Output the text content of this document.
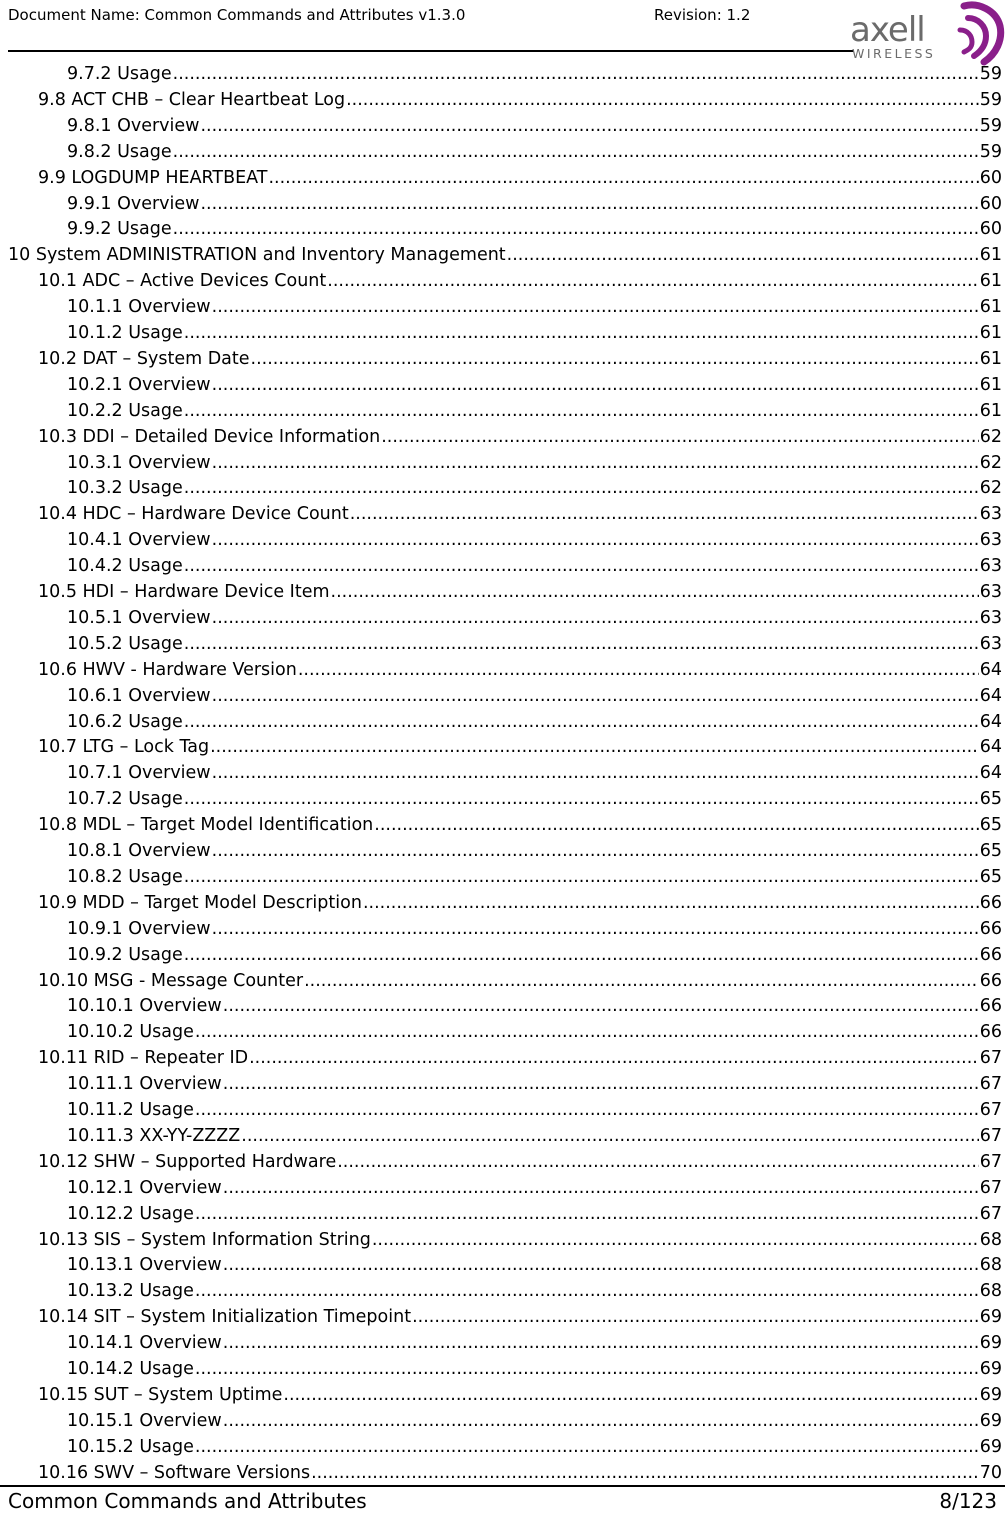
Document Name: Common Commands and Attributes v1.3.0	Revision: 1.2	axell
WIRELESS
9.7.2 Usage .....	59
9.8 ACT CHB – Clear Heartbeat Log .....	59
9.8.1 Overview .....	59
9.8.2 Usage .....	59
9.9 LOGDUMP HEARTBEAT .....	60
9.9.1 Overview .....	60
9.9.2 Usage .....	60
10 System ADMINISTRATION and Inventory Management .....	61
10.1 ADC – Active Devices Count .....	61
10.1.1 Overview .....	61
10.1.2 Usage .....	61
10.2 DAT – System Date .....	61
10.2.1 Overview .....	61
10.2.2 Usage .....	61
10.3 DDI – Detailed Device Information .....	62
10.3.1 Overview .....	62
10.3.2 Usage .....	62
10.4 HDC – Hardware Device Count .....	63
10.4.1 Overview .....	63
10.4.2 Usage .....	63
10.5 HDI – Hardware Device Item .....	63
10.5.1 Overview .....	63
10.5.2 Usage .....	63
10.6 HWV - Hardware Version .....	64
10.6.1 Overview .....	64
10.6.2 Usage .....	64
10.7 LTG – Lock Tag .....	64
10.7.1 Overview .....	64
10.7.2 Usage .....	65
10.8 MDL – Target Model Identification .....	65
10.8.1 Overview .....	65
10.8.2 Usage .....	65
10.9 MDD – Target Model Description .....	66
10.9.1 Overview .....	66
10.9.2 Usage .....	66
10.10 MSG - Message Counter .....	66
10.10.1 Overview .....	66
10.10.2 Usage .....	66
10.11 RID – Repeater ID .....	67
10.11.1 Overview .....	67
10.11.2 Usage .....	67
10.11.3 XX-YY-ZZZZ .....	67
10.12 SHW – Supported Hardware .....	67
10.12.1 Overview .....	67
10.12.2 Usage .....	67
10.13 SIS – System Information String .....	68
10.13.1 Overview .....	68
10.13.2 Usage .....	68
10.14 SIT – System Initialization Timepoint .....	69
10.14.1 Overview .....	69
10.14.2 Usage .....	69
10.15 SUT – System Uptime .....	69
10.15.1 Overview .....	69
10.15.2 Usage .....	69
10.16 SWV – Software Versions .....	70
Common Commands and Attributes	8/123
